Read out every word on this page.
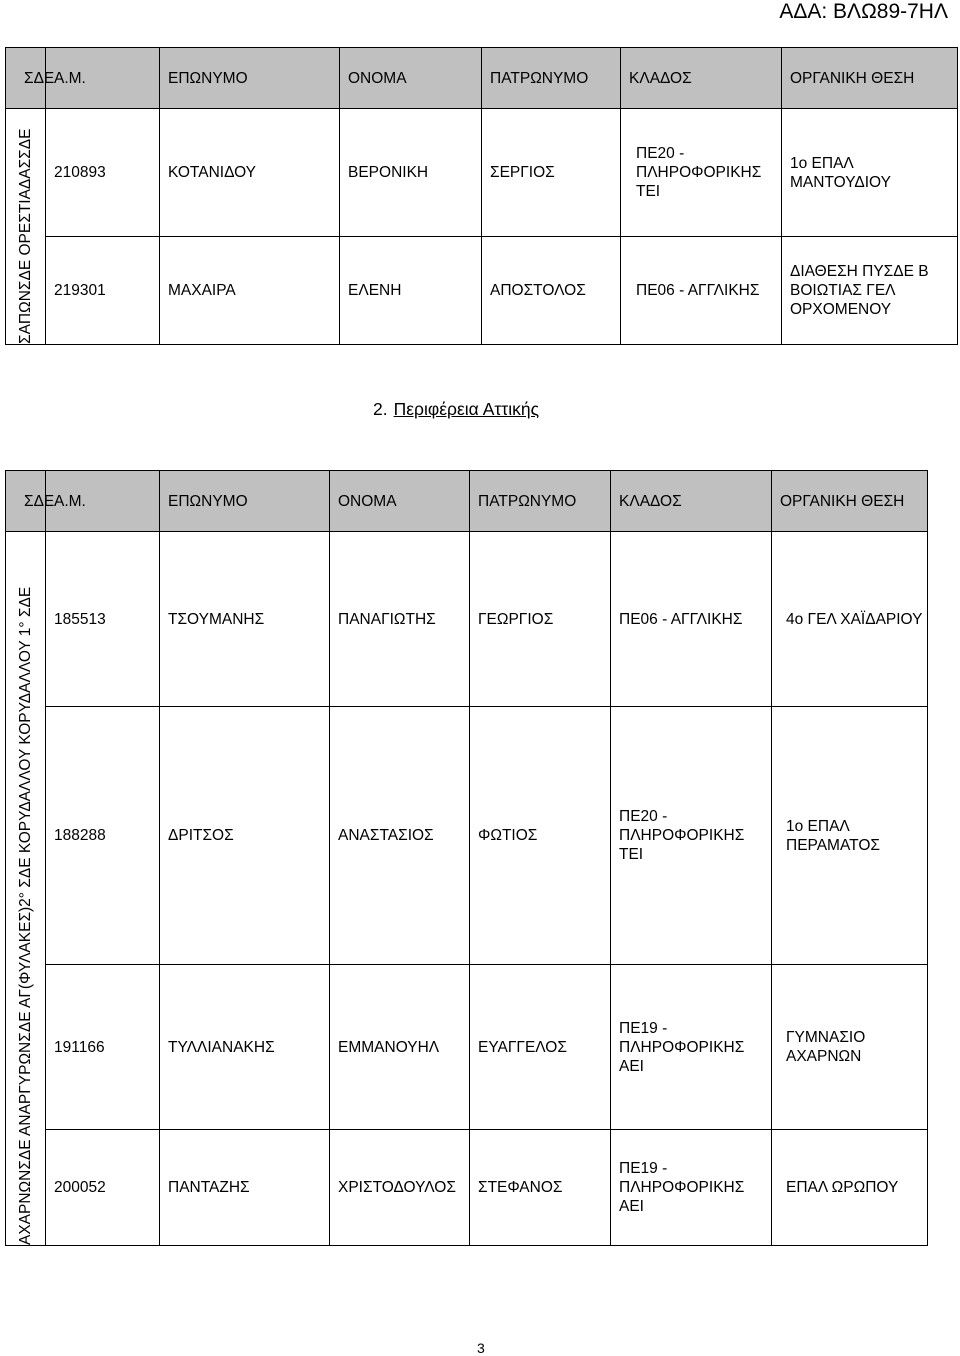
ΑΔΑ: ΒΛΩ89-7ΗΛ
ΣΔΕ	Α.Μ.	ΕΠΩΝΥΜΟ	ΟΝΟΜΑ	ΠΑΤΡΩΝΥΜΟ	ΚΛΑΔΟΣ	ΟΡΓΑΝΙΚΗ ΘΕΣΗ

ΣΑΠΩΝΣΔΕ ΟΡΕΣΤΙΑΔΑΣΣΔΕ	210893	ΚΟΤΑΝΙΔΟΥ	ΒΕΡΟΝΙΚΗ	ΣΕΡΓΙΟΣ	ΠΕ20 - ΠΛΗΡΟΦΟΡΙΚΗΣ ΤΕΙ	1ο ΕΠΑΛ ΜΑΝΤΟΥΔΙΟΥ
	219301	ΜΑΧΑΙΡΑ	ΕΛΕΝΗ	ΑΠΟΣΤΟΛΟΣ	ΠΕ06 - ΑΓΓΛΙΚΗΣ	ΔΙΑΘΕΣΗ ΠΥΣΔΕ Β ΒΟΙΩΤΙΑΣ ΓΕΛ ΟΡΧΟΜΕΝΟΥ
2. Περιφέρεια Αττικής
ΣΔΕ	Α.Μ.	ΕΠΩΝΥΜΟ	ΟΝΟΜΑ	ΠΑΤΡΩΝΥΜΟ	ΚΛΑΔΟΣ	ΟΡΓΑΝΙΚΗ ΘΕΣΗ

ΑΧΑΡΝΩΝΣΔΕ ΑΝΑΡΓΥΡΩΝΣΔΕ ΑΓ(ΦΥΛΑΚΕΣ)2° ΣΔΕ ΚΟΡΥΔΑΛΛΟΥ ΚΟΡΥΔΑΛΛΟΥ 1° ΣΔΕ	185513	ΤΣΟΥΜΑΝΗΣ	ΠΑΝΑΓΙΩΤΗΣ	ΓΕΩΡΓΙΟΣ	ΠΕ06 - ΑΓΓΛΙΚΗΣ	4ο ΓΕΛ ΧΑΪΔΑΡΙΟΥ
	188288	ΔΡΙΤΣΟΣ	ΑΝΑΣΤΑΣΙΟΣ	ΦΩΤΙΟΣ	ΠΕ20 - ΠΛΗΡΟΦΟΡΙΚΗΣ ΤΕΙ	1ο ΕΠΑΛ ΠΕΡΑΜΑΤΟΣ
	191166	ΤΥΛΛΙΑΝΑΚΗΣ	ΕΜΜΑΝΟΥΗΛ	ΕΥΑΓΓΕΛΟΣ	ΠΕ19 - ΠΛΗΡΟΦΟΡΙΚΗΣ ΑΕΙ	ΓΥΜΝΑΣΙΟ ΑΧΑΡΝΩΝ
	200052	ΠΑΝΤΑΖΗΣ	ΧΡΙΣΤΟΔΟΥΛΟΣ	ΣΤΕΦΑΝΟΣ	ΠΕ19 - ΠΛΗΡΟΦΟΡΙΚΗΣ ΑΕΙ	ΕΠΑΛ ΩΡΩΠΟΥ
3
